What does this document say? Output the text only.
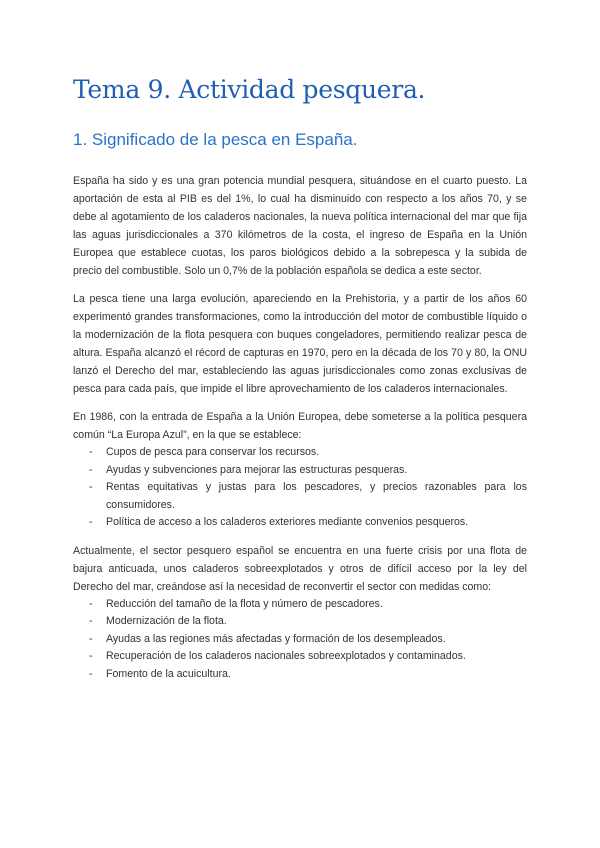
Tema 9. Actividad pesquera.
1. Significado de la pesca en España.

España ha sido y es una gran potencia mundial pesquera, situándose en el cuarto puesto. La aportación de esta al PIB es del 1%, lo cual ha disminuido con respecto a los años 70, y se debe al agotamiento de los caladeros nacionales, la nueva política internacional del mar que fija las aguas jurisdiccionales a 370 kilómetros de la costa, el ingreso de España en la Unión Europea que establece cuotas, los paros biológicos debido a la sobrepesca y la subida de precio del combustible. Solo un 0,7% de la población española se dedica a este sector.

La pesca tiene una larga evolución, apareciendo en la Prehistoria, y a partir de los años 60 experimentó grandes transformaciones, como la introducción del motor de combustible líquido o la modernización de la flota pesquera con buques congeladores, permitiendo realizar pesca de altura. España alcanzó el récord de capturas en 1970, pero en la década de los 70 y 80, la ONU lanzó el Derecho del mar, estableciendo las aguas jurisdiccionales como zonas exclusivas de pesca para cada país, que impide el libre aprovechamiento de los caladeros internacionales.

En 1986, con la entrada de España a la Unión Europea, debe someterse a la política pesquera común “La Europa Azul”, en la que se establece:

- Cupos de pesca para conservar los recursos.
- Ayudas y subvenciones para mejorar las estructuras pesqueras.
- Rentas equitativas y justas para los pescadores, y precios razonables para los consumidores.
- Política de acceso a los caladeros exteriores mediante convenios pesqueros.

Actualmente, el sector pesquero español se encuentra en una fuerte crisis por una flota de bajura anticuada, unos caladeros sobreexplotados y otros de difícil acceso por la ley del Derecho del mar, creándose así la necesidad de reconvertir el sector con medidas como:

- Reducción del tamaño de la flota y número de pescadores.
- Modernización de la flota.
- Ayudas a las regiones más afectadas y formación de los desempleados.
- Recuperación de los caladeros nacionales sobreexplotados y contaminados.
- Fomento de la acuicultura.
